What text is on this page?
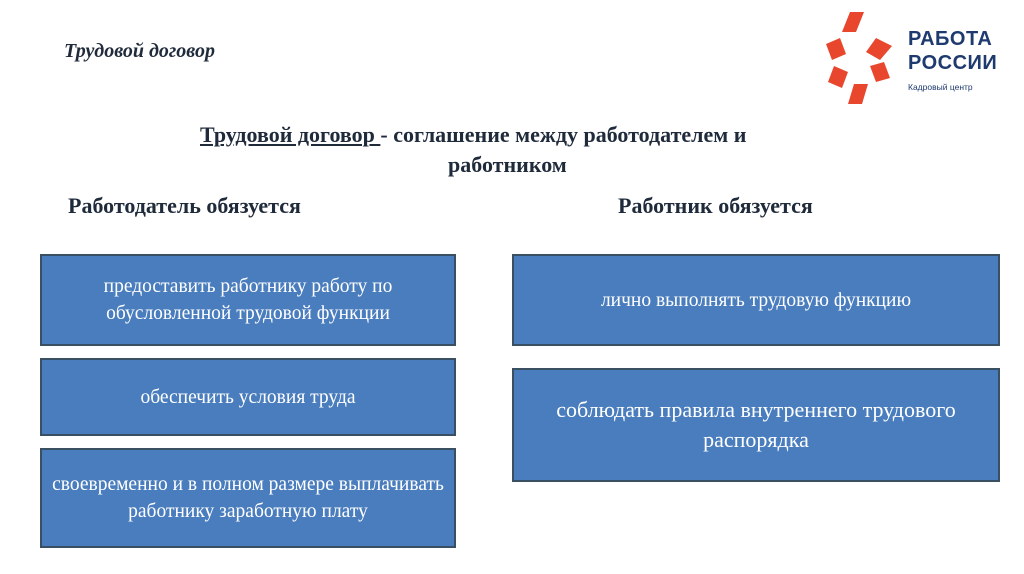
Трудовой договор
РАБОТА
РОССИИ
Кадровый центр
Трудовой договор - соглашение между работодателем и
работником
Работодатель обязуется	Работник обязуется
предоставить работнику работу по обусловленной трудовой функции
обеспечить условия труда
своевременно и в полном размере выплачивать работнику заработную плату
лично выполнять трудовую функцию
соблюдать правила внутреннего трудового распорядка
